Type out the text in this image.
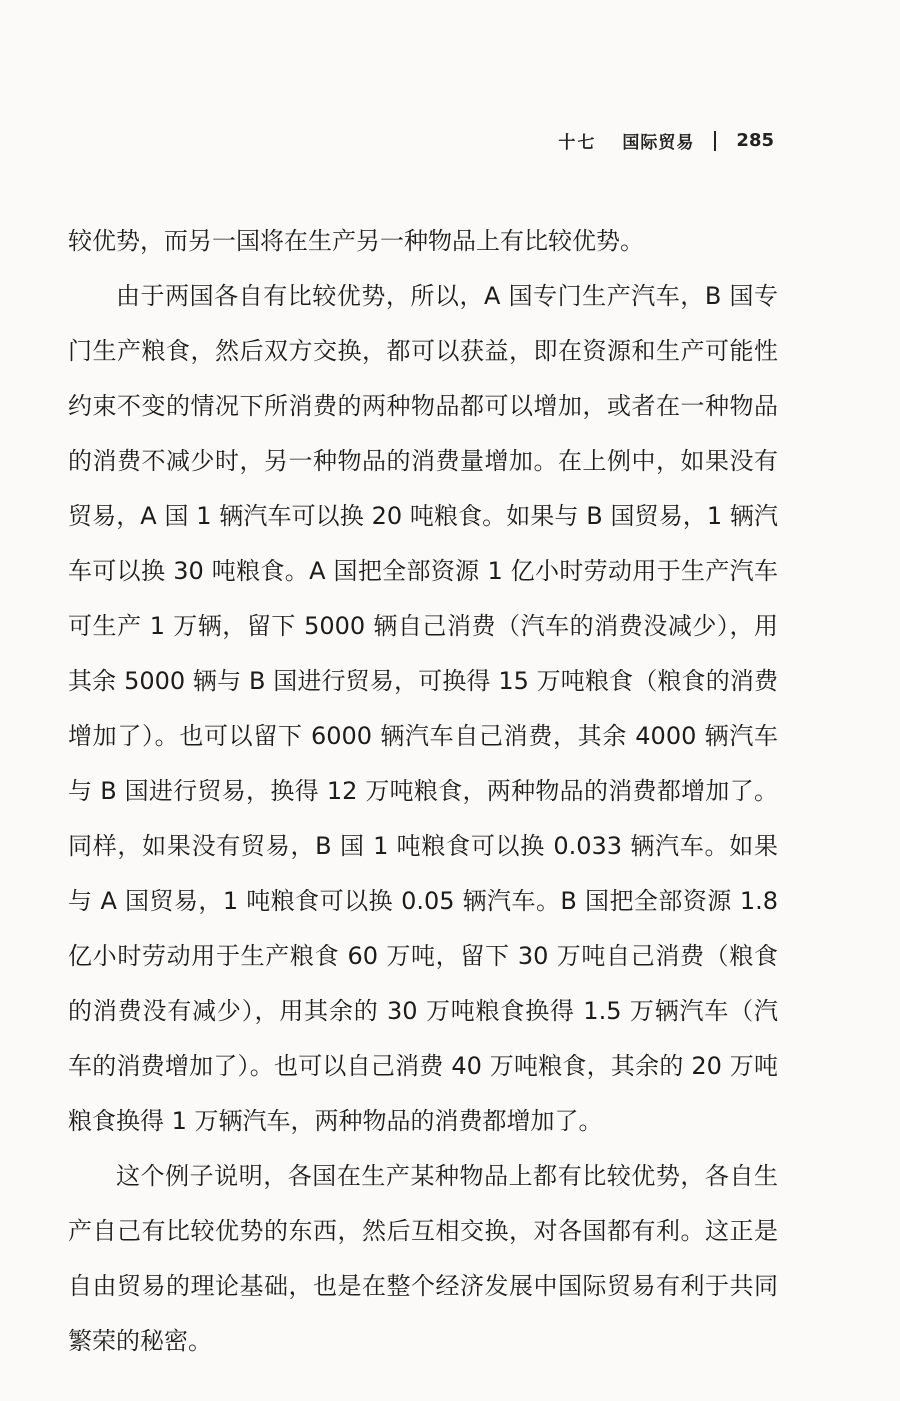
十七 国际贸易 285

较优势，而另一国将在生产另一种物品上有比较优势。

由于两国各自有比较优势，所以，A 国专门生产汽车，B 国专门生产粮食，然后双方交换，都可以获益，即在资源和生产可能性约束不变的情况下所消费的两种物品都可以增加，或者在一种物品的消费不减少时，另一种物品的消费量增加。在上例中，如果没有贸易，A 国 1 辆汽车可以换 20 吨粮食。如果与 B 国贸易，1 辆汽车可以换 30 吨粮食。A 国把全部资源 1 亿小时劳动用于生产汽车可生产 1 万辆，留下 5000 辆自己消费（汽车的消费没减少），用其余 5000 辆与 B 国进行贸易，可换得 15 万吨粮食（粮食的消费增加了）。也可以留下 6000 辆汽车自己消费，其余 4000 辆汽车与 B 国进行贸易，换得 12 万吨粮食，两种物品的消费都增加了。同样，如果没有贸易，B 国 1 吨粮食可以换 0.033 辆汽车。如果与 A 国贸易，1 吨粮食可以换 0.05 辆汽车。B 国把全部资源 1.8 亿小时劳动用于生产粮食 60 万吨，留下 30 万吨自己消费（粮食的消费没有减少），用其余的 30 万吨粮食换得 1.5 万辆汽车（汽车的消费增加了）。也可以自己消费 40 万吨粮食，其余的 20 万吨粮食换得 1 万辆汽车，两种物品的消费都增加了。

这个例子说明，各国在生产某种物品上都有比较优势，各自生产自己有比较优势的东西，然后互相交换，对各国都有利。这正是自由贸易的理论基础，也是在整个经济发展中国际贸易有利于共同繁荣的秘密。
